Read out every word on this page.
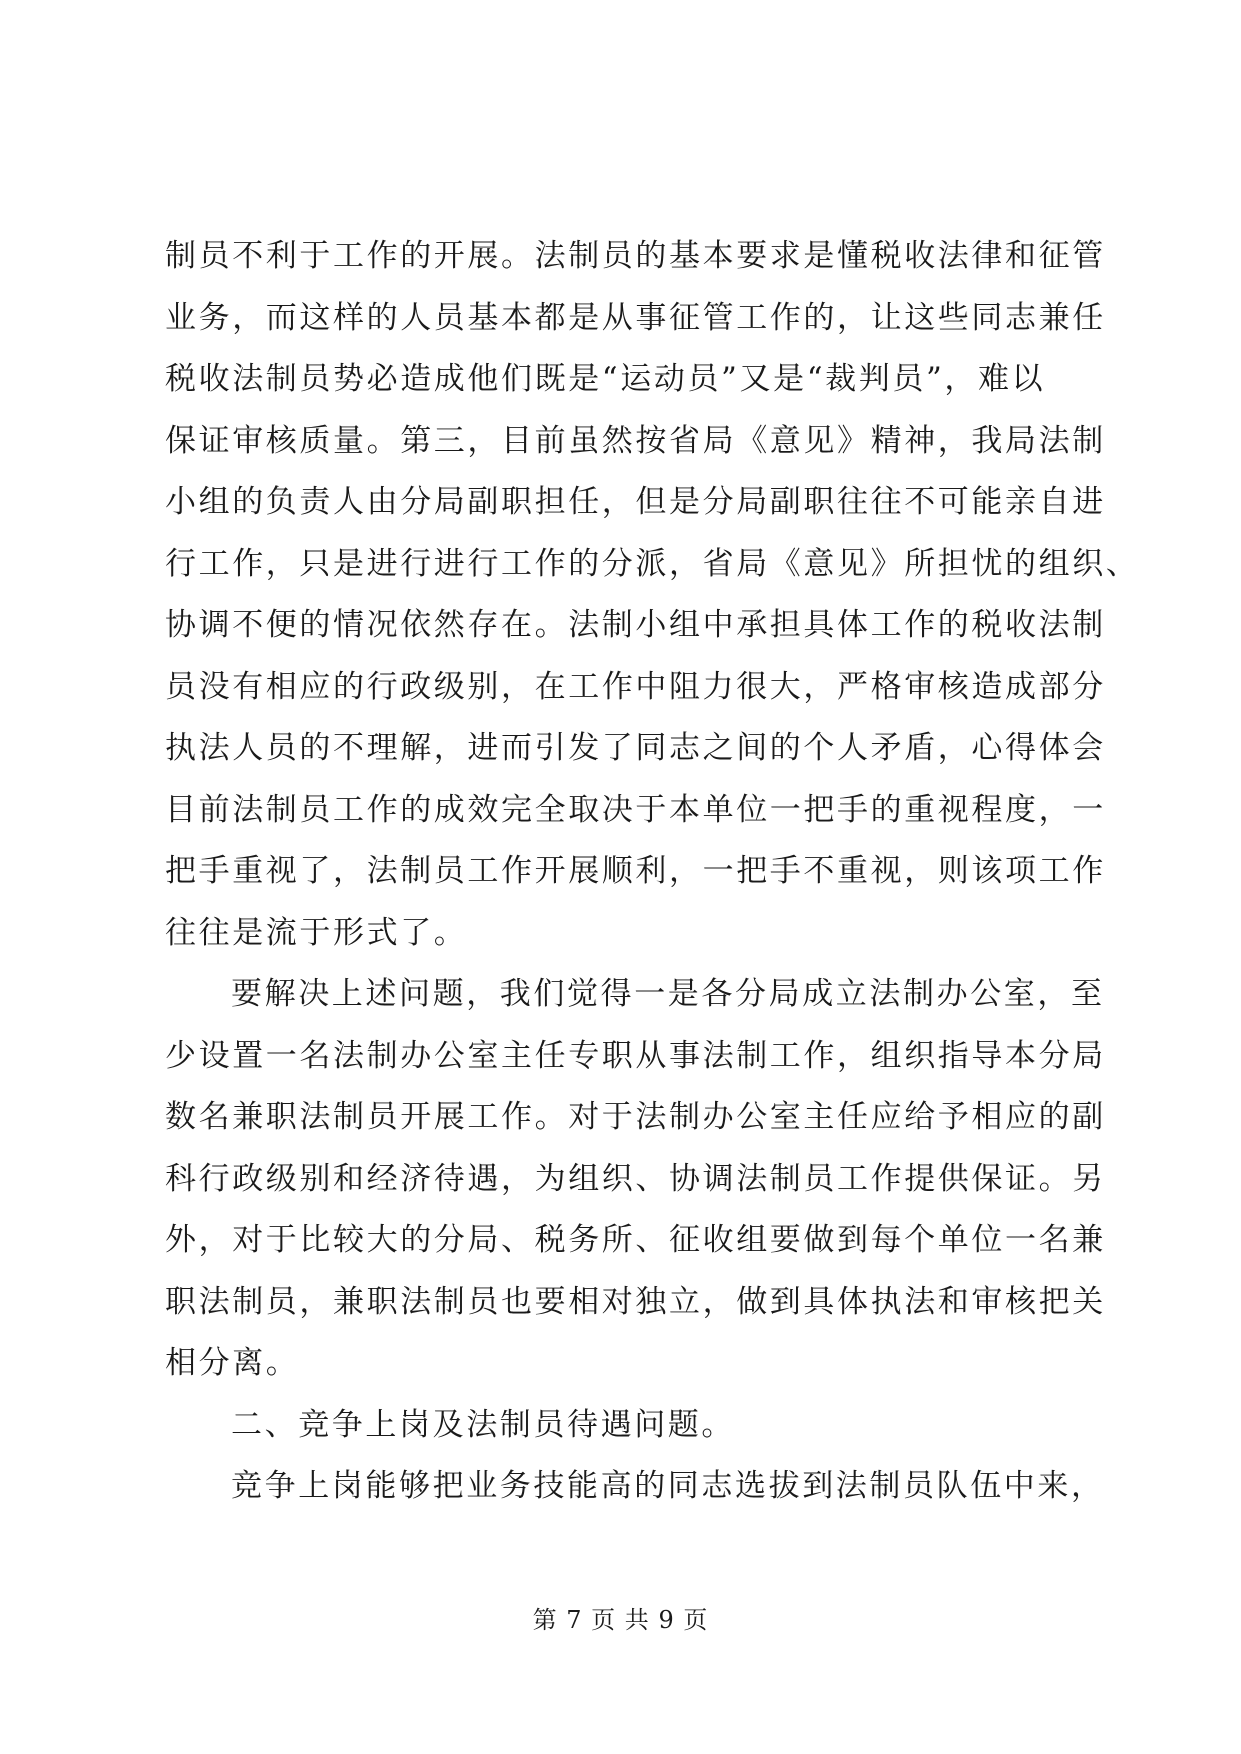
制员不利于工作的开展。法制员的基本要求是懂税收法律和征管
业务，而这样的人员基本都是从事征管工作的，让这些同志兼任
税收法制员势必造成他们既是“运动员”又是“裁判员”，难以
保证审核质量。第三，目前虽然按省局《意见》精神，我局法制
小组的负责人由分局副职担任，但是分局副职往往不可能亲自进
行工作，只是进行进行工作的分派，省局《意见》所担忧的组织、
协调不便的情况依然存在。法制小组中承担具体工作的税收法制
员没有相应的行政级别，在工作中阻力很大，严格审核造成部分
执法人员的不理解，进而引发了同志之间的个人矛盾，心得体会
目前法制员工作的成效完全取决于本单位一把手的重视程度，一
把手重视了，法制员工作开展顺利，一把手不重视，则该项工作
往往是流于形式了。
要解决上述问题，我们觉得一是各分局成立法制办公室，至
少设置一名法制办公室主任专职从事法制工作，组织指导本分局
数名兼职法制员开展工作。对于法制办公室主任应给予相应的副
科行政级别和经济待遇，为组织、协调法制员工作提供保证。另
外，对于比较大的分局、税务所、征收组要做到每个单位一名兼
职法制员，兼职法制员也要相对独立，做到具体执法和审核把关
相分离。
二、竞争上岗及法制员待遇问题。
竞争上岗能够把业务技能高的同志选拔到法制员队伍中来，
第 7 页 共 9 页
